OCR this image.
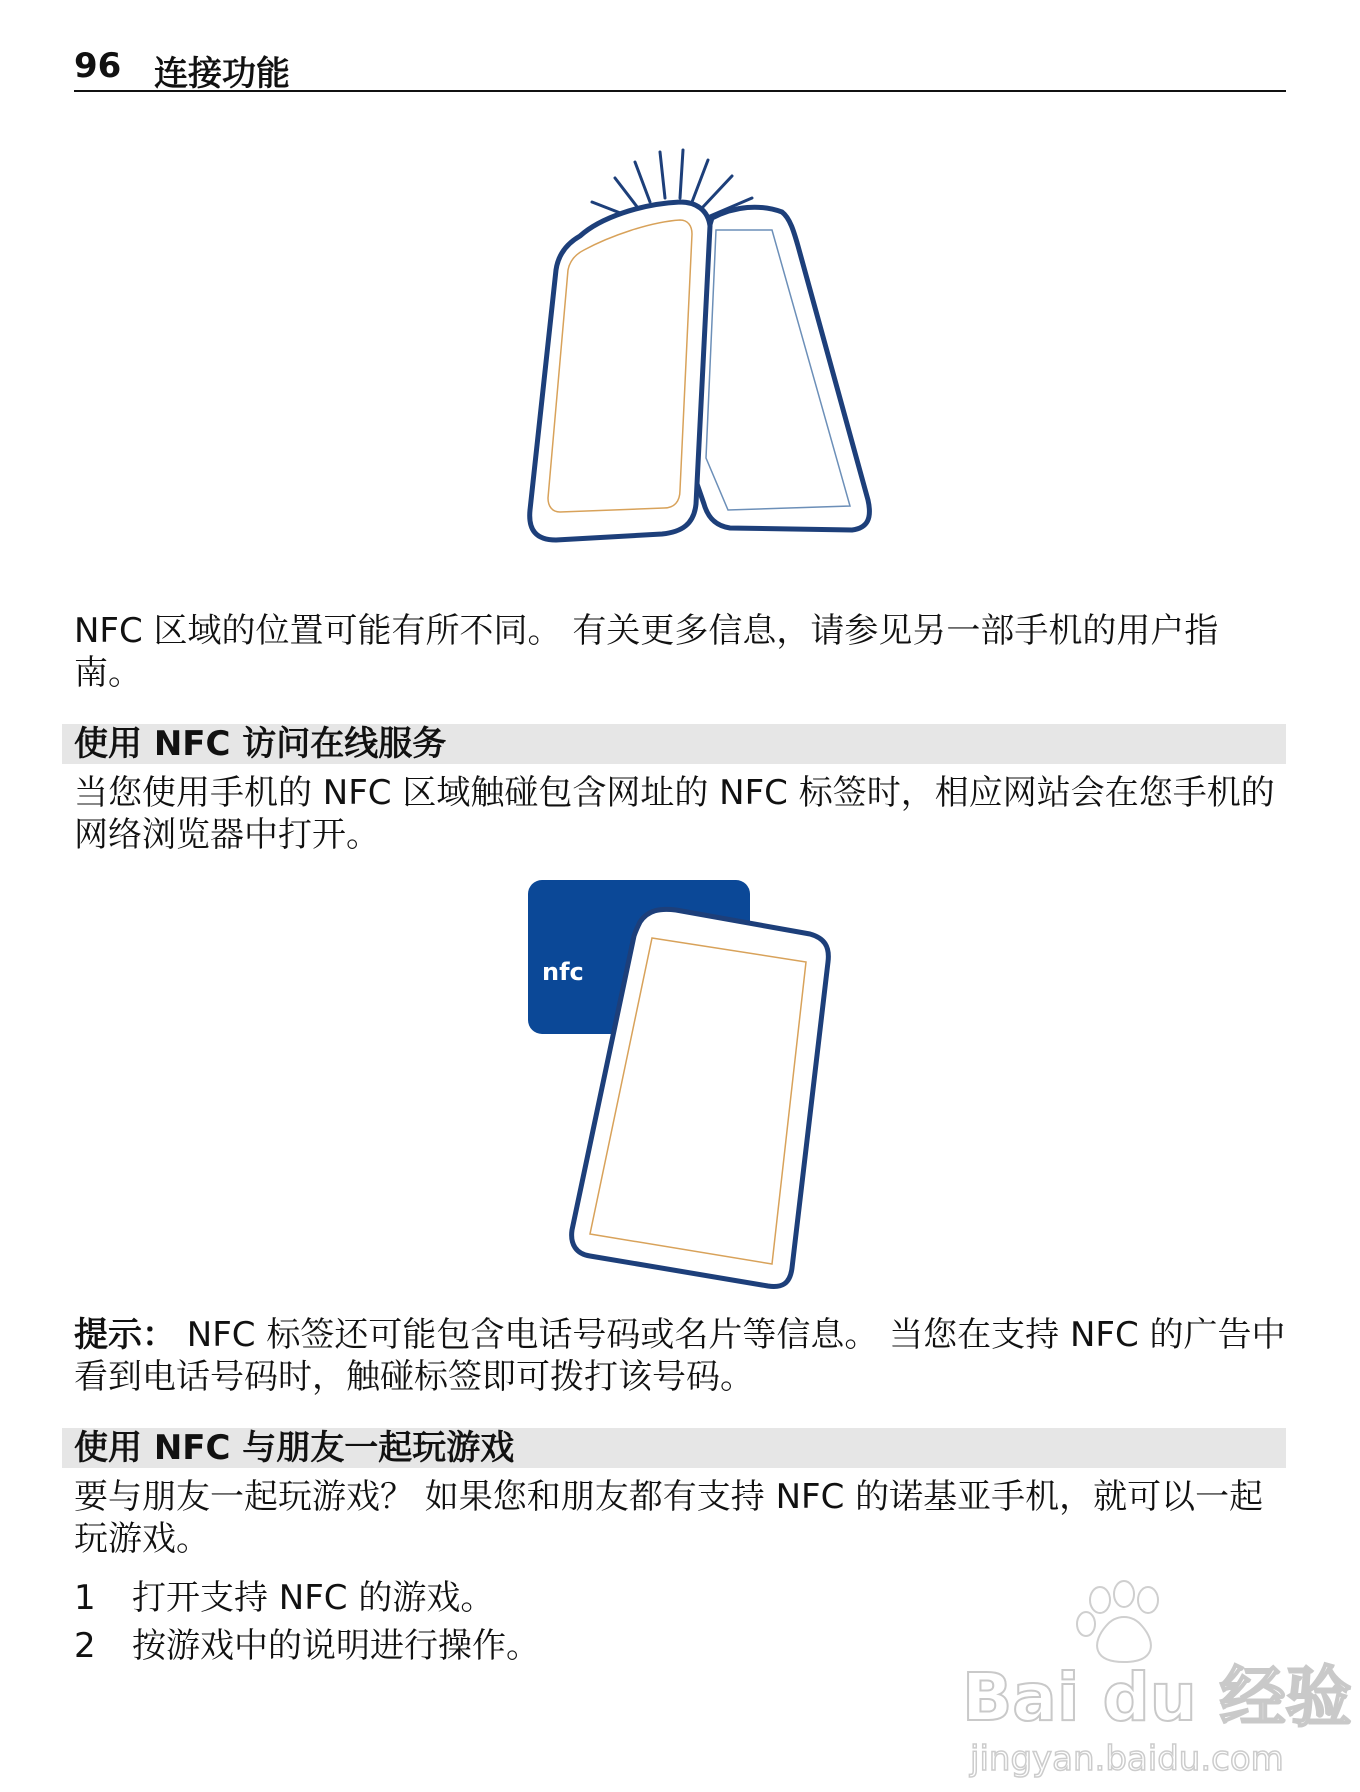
96 连接功能
NFC 区域的位置可能有所不同。 有关更多信息，请参见另一部手机的用户指南。
使用 NFC 访问在线服务
当您使用手机的 NFC 区域触碰包含网址的 NFC 标签时，相应网站会在您手机的网络浏览器中打开。
nfc
提示： NFC 标签还可能包含电话号码或名片等信息。 当您在支持 NFC 的广告中看到电话号码时，触碰标签即可拨打该号码。
使用 NFC 与朋友一起玩游戏
要与朋友一起玩游戏？ 如果您和朋友都有支持 NFC 的诺基亚手机，就可以一起玩游戏。
1 打开支持 NFC 的游戏。
2 按游戏中的说明进行操作。
Bai du 经验
jingyan.baidu.com
